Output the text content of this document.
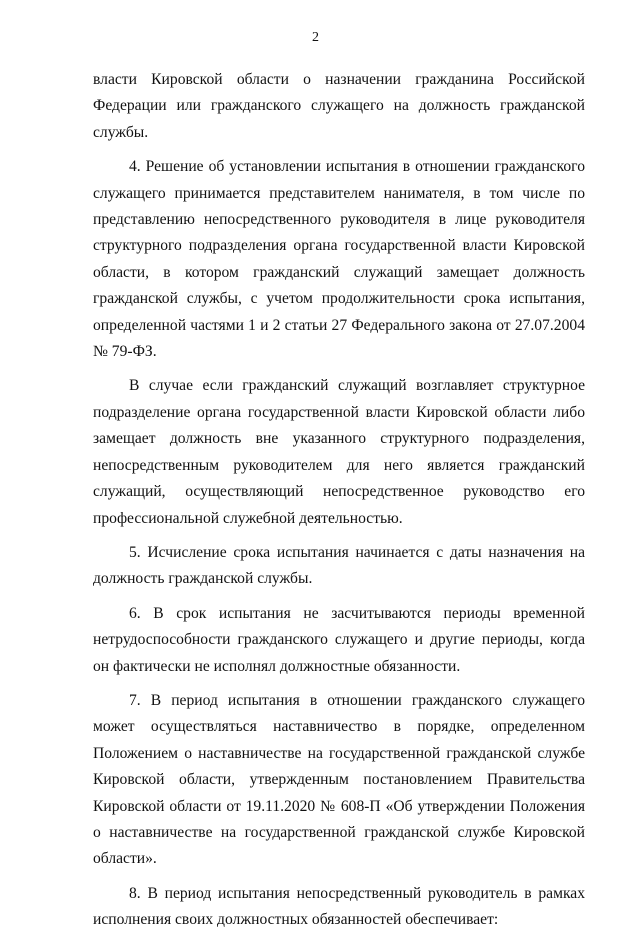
2

власти Кировской области о назначении гражданина Российской Федерации или гражданского служащего на должность гражданской службы.

4. Решение об установлении испытания в отношении гражданского служащего принимается представителем нанимателя, в том числе по представлению непосредственного руководителя в лице руководителя структурного подразделения органа государственной власти Кировской области, в котором гражданский служащий замещает должность гражданской службы, с учетом продолжительности срока испытания, определенной частями 1 и 2 статьи 27 Федерального закона от 27.07.2004 № 79-ФЗ.

В случае если гражданский служащий возглавляет структурное подразделение органа государственной власти Кировской области либо замещает должность вне указанного структурного подразделения, непосредственным руководителем для него является гражданский служащий, осуществляющий непосредственное руководство его профессиональной служебной деятельностью.

5. Исчисление срока испытания начинается с даты назначения на должность гражданской службы.

6. В срок испытания не засчитываются периоды временной нетрудоспособности гражданского служащего и другие периоды, когда он фактически не исполнял должностные обязанности.

7. В период испытания в отношении гражданского служащего может осуществляться наставничество в порядке, определенном Положением о наставничестве на государственной гражданской службе Кировской области, утвержденным постановлением Правительства Кировской области от 19.11.2020 № 608-П «Об утверждении Положения о наставничестве на государственной гражданской службе Кировской области».

8. В период испытания непосредственный руководитель в рамках исполнения своих должностных обязанностей обеспечивает:
